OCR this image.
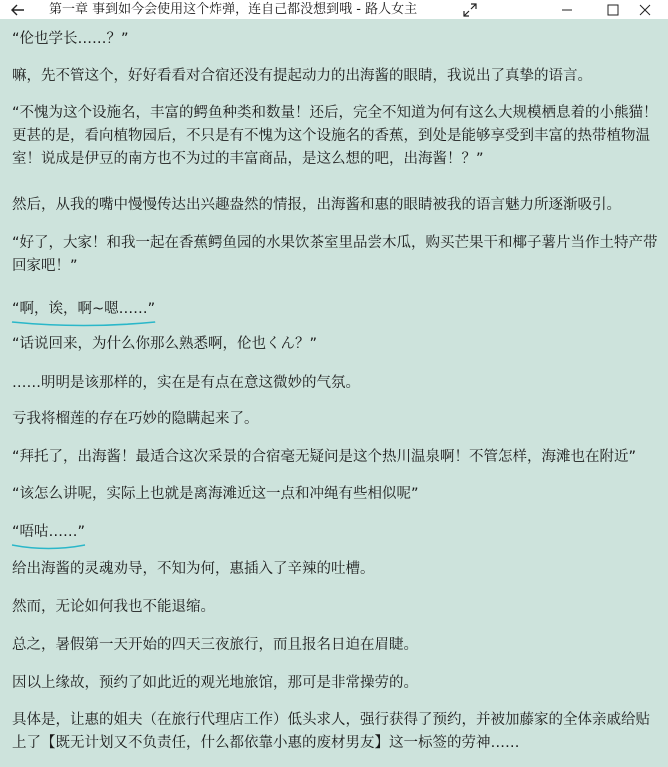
第一章 事到如今会使用这个炸弹，连自己都没想到哦 - 路人女主

“伦也学长……？”

嘛，先不管这个，好好看看对合宿还没有提起动力的出海酱的眼睛，我说出了真挚的语言。

“不愧为这个设施名，丰富的鳄鱼种类和数量！还后，完全不知道为何有这么大规模栖息着的小熊猫！更甚的是，看向植物园后，不只是有不愧为这个设施名的香蕉，到处是能够享受到丰富的热带植物温室！说成是伊豆的南方也不为过的丰富商品，是这么想的吧，出海酱！？”

然后，从我的嘴中慢慢传达出兴趣盎然的情报，出海酱和惠的眼睛被我的语言魅力所逐渐吸引。

“好了，大家！和我一起在香蕉鳄鱼园的水果饮茶室里品尝木瓜，购买芒果干和椰子薯片当作土特产带回家吧！”

“啊，诶，啊~嗯……”

“话说回来，为什么你那么熟悉啊，伦也くん？”

……明明是该那样的，实在是有点在意这微妙的气氛。

亏我将榴莲的存在巧妙的隐瞒起来了。

“拜托了，出海酱！最适合这次采景的合宿毫无疑问是这个热川温泉啊！不管怎样，海滩也在附近”

“该怎么讲呢，实际上也就是离海滩近这一点和冲绳有些相似呢”

“唔咕……”

给出海酱的灵魂劝导，不知为何，惠插入了辛辣的吐槽。

然而，无论如何我也不能退缩。

总之，暑假第一天开始的四天三夜旅行，而且报名日迫在眉睫。

因以上缘故，预约了如此近的观光地旅馆，那可是非常操劳的。

具体是，让惠的姐夫（在旅行代理店工作）低头求人，强行获得了预约，并被加藤家的全体亲戚给贴上了【既无计划又不负责任，什么都依靠小惠的废材男友】这一标签的劳神……
